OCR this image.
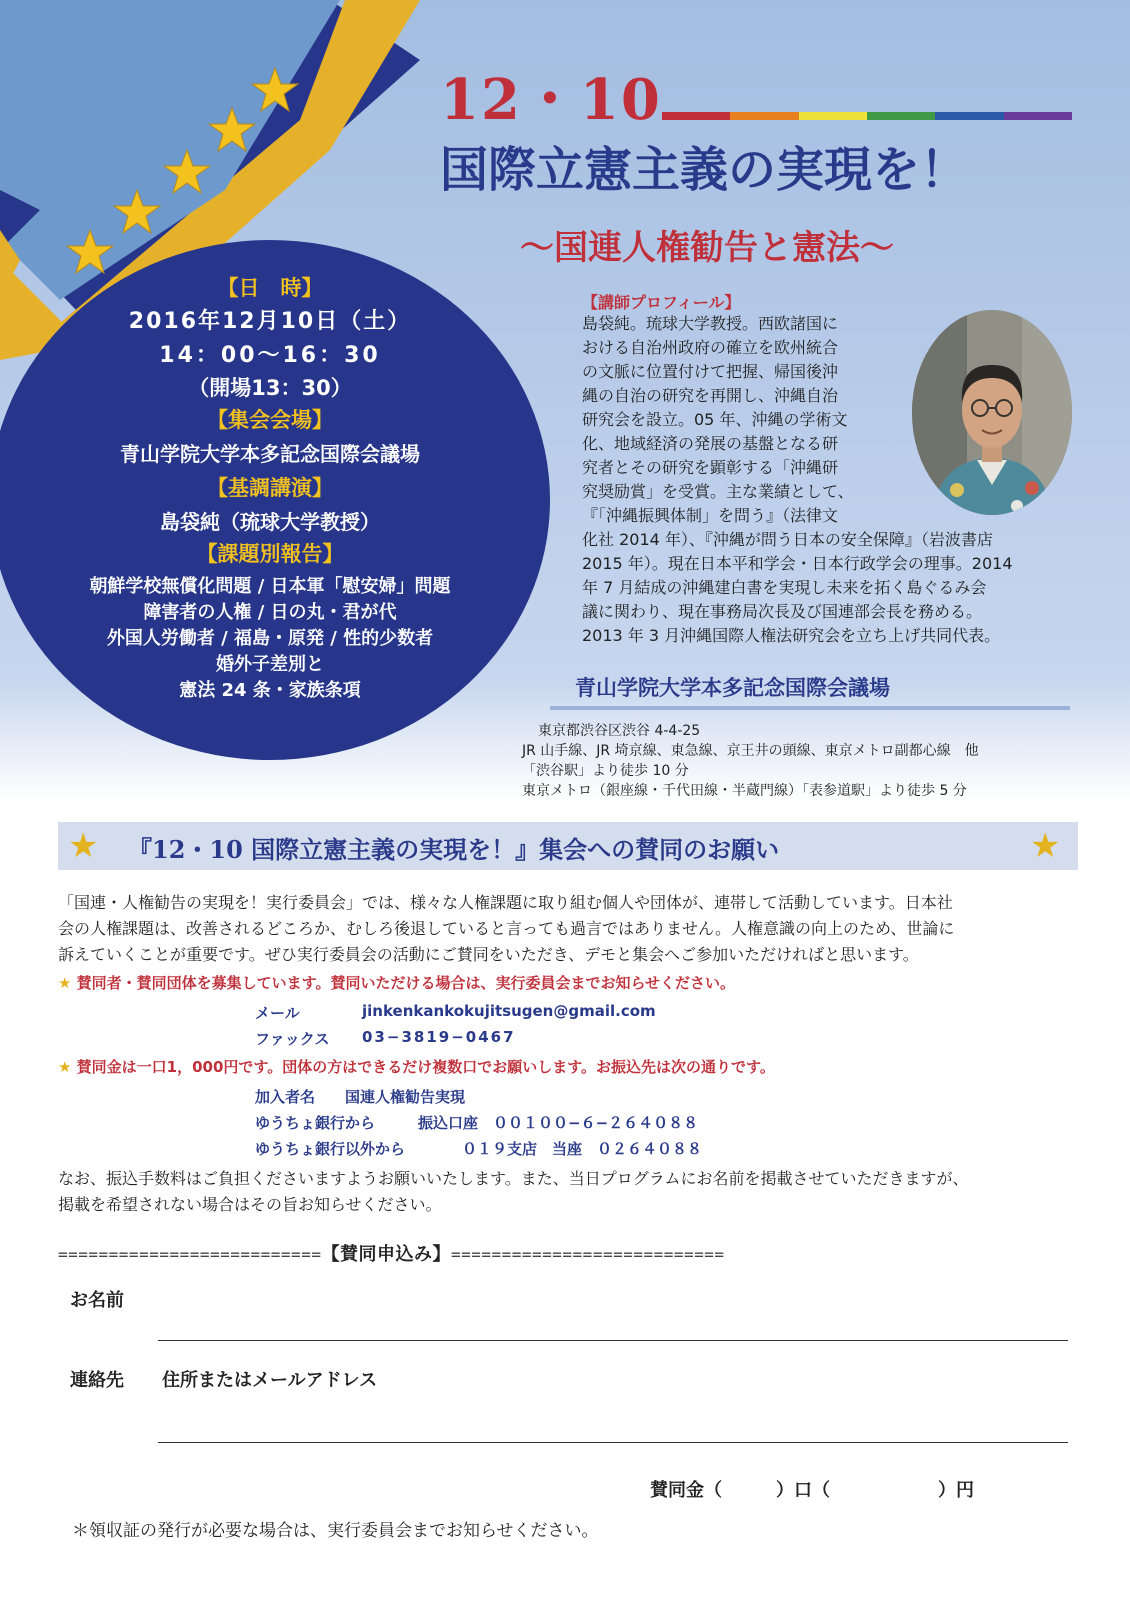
12・10
国際立憲主義の実現を！
〜国連人権勧告と憲法〜
【日　時】
2016年12月10日（土）
14：00〜16：30
（開場13：30）
【集会会場】
青山学院大学本多記念国際会議場
【基調講演】
島袋純（琉球大学教授）
【課題別報告】
朝鮮学校無償化問題 / 日本軍「慰安婦」問題
障害者の人権 / 日の丸・君が代
外国人労働者 / 福島・原発 / 性的少数者
婚外子差別と
憲法 24 条・家族条項
【講師プロフィール】
島袋純。琉球大学教授。西欧諸国に
おける自治州政府の確立を欧州統合
の文脈に位置付けて把握、帰国後沖
縄の自治の研究を再開し、沖縄自治
研究会を設立。05 年、沖縄の学術文
化、地域経済の発展の基盤となる研
究者とその研究を顕彰する「沖縄研
究奨励賞」を受賞。主な業績として、
『「沖縄振興体制」を問う』（法律文
化社 2014 年）、『沖縄が問う日本の安全保障』（岩波書店
2015 年）。現在日本平和学会・日本行政学会の理事。2014
年 7 月結成の沖縄建白書を実現し未来を拓く島ぐるみ会
議に関わり、現在事務局次長及び国連部会長を務める。
2013 年 3 月沖縄国際人権法研究会を立ち上げ共同代表。
青山学院大学本多記念国際会議場
東京都渋谷区渋谷 4-4-25
JR 山手線、JR 埼京線、東急線、京王井の頭線、東京メトロ副都心線　他
「渋谷駅」より徒歩 10 分
東京メトロ（銀座線・千代田線・半蔵門線）「表参道駅」より徒歩 5 分
★	★
『12・10 国際立憲主義の実現を！』集会への賛同のお願い
「国連・人権勧告の実現を！実行委員会」では、様々な人権課題に取り組む個人や団体が、連帯して活動しています。日本社
会の人権課題は、改善されるどころか、むしろ後退していると言っても過言ではありません。人権意識の向上のため、世論に
訴えていくことが重要です。ぜひ実行委員会の活動にご賛同をいただき、デモと集会へご参加いただければと思います。
★ 賛同者・賛同団体を募集しています。賛同いただける場合は、実行委員会までお知らせください。
メール	jinkenkankokujitsugen@gmail.com
ファックス 03−3819−0467
★ 賛同金は一口1，000円です。団体の方はできるだけ複数口でお願いします。お振込先は次の通りです。
加入者名 国連人権勧告実現
ゆうちょ銀行から	振込口座　００１００−６−２６４０８８
ゆうちょ銀行以外から	０１９支店　当座　０２６４０８８
なお、振込手数料はご負担くださいますようお願いいたします。また、当日プログラムにお名前を掲載させていただきますが、
掲載を希望されない場合はその旨お知らせください。
==========================【賛同申込み】===========================
お名前
連絡先 住所またはメールアドレス
賛同金（　　　）口（　　　　　　）円
＊領収証の発行が必要な場合は、実行委員会までお知らせください。
